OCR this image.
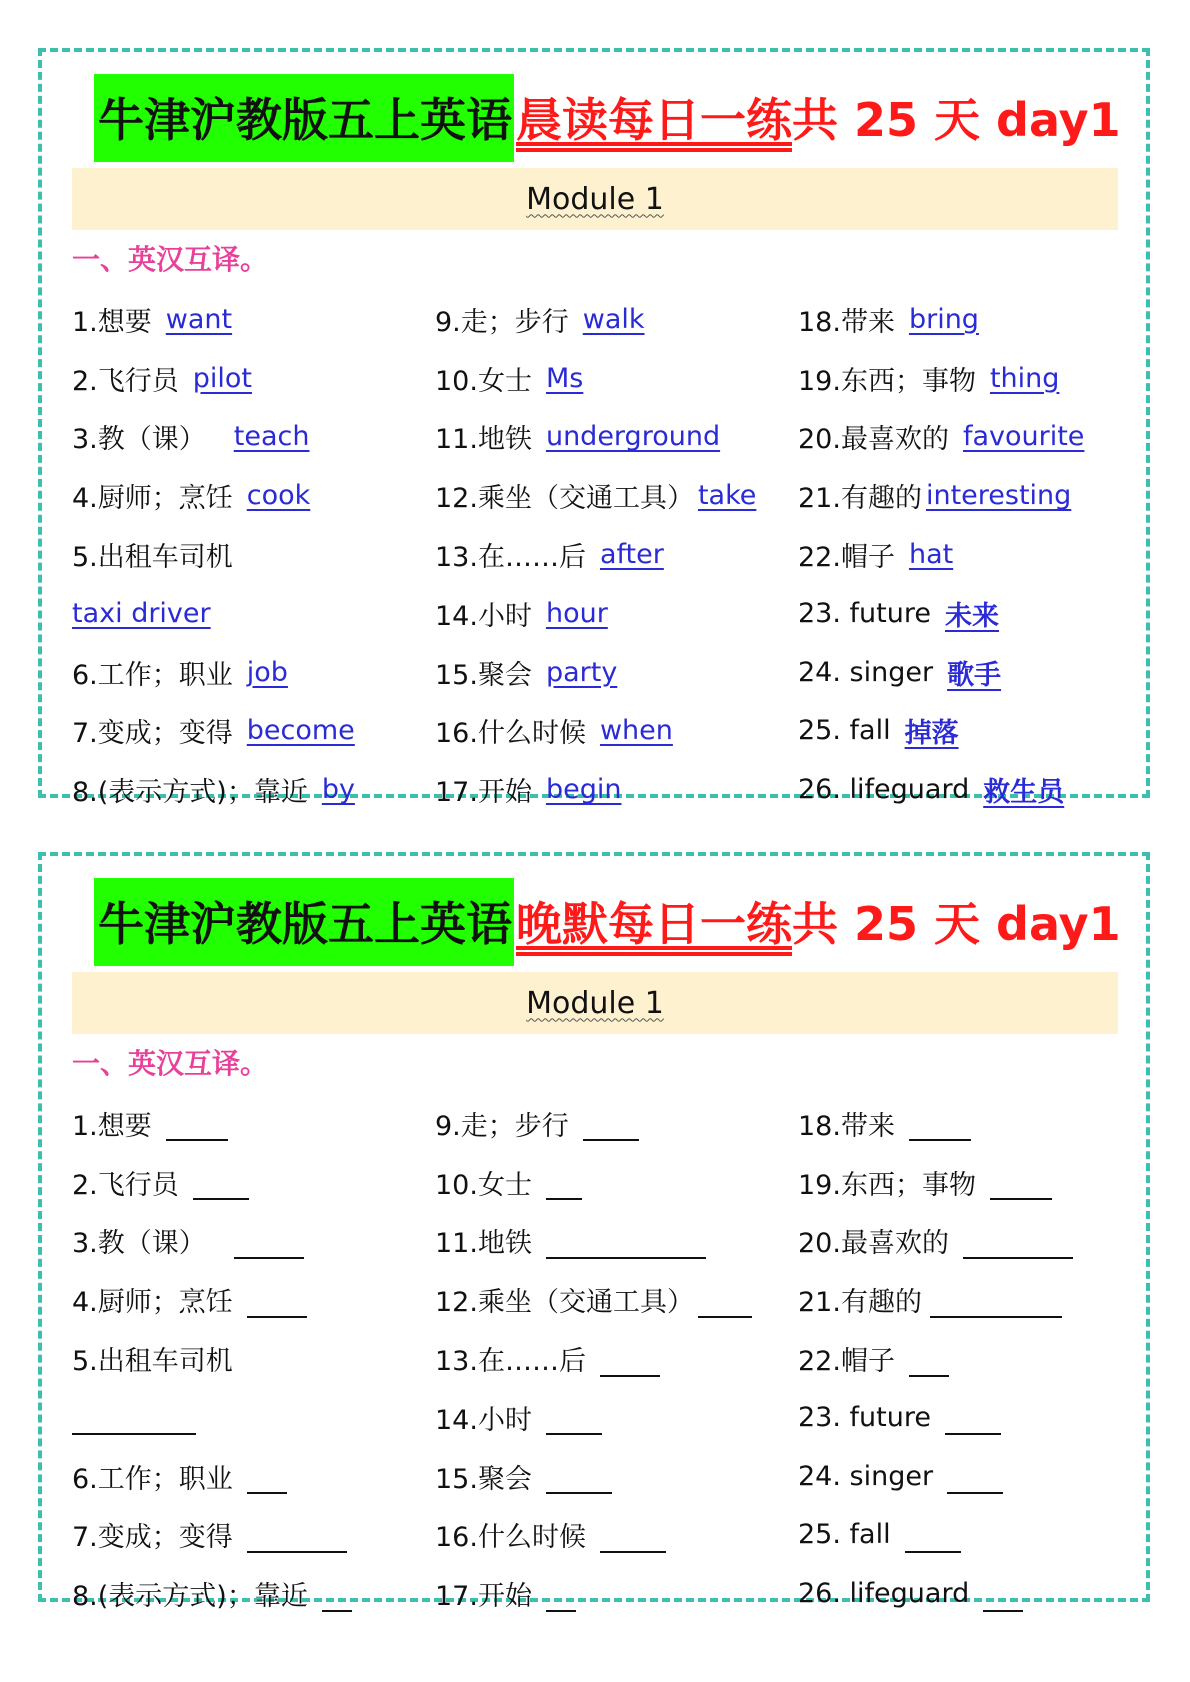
牛津沪教版五上英语 晨读每日一练共 25 天 day1
Module 1
一、英汉互译。
1.想要 want
2.飞行员 pilot
3.教（课） teach
4.厨师；烹饪 cook
5.出租车司机
taxi driver
6.工作；职业 job
7.变成；变得 become
8.(表示方式)；靠近 by
9.走；步行 walk
10.女士 Ms
11.地铁 underground
12.乘坐（交通工具） take
13.在……后 after
14.小时 hour
15.聚会 party
16.什么时候 when
17.开始 begin
18.带来 bring
19.东西；事物 thing
20.最喜欢的 favourite
21.有趣的 interesting
22.帽子 hat
23. future 未来
24. singer 歌手
25. fall 掉落
26. lifeguard 救生员
牛津沪教版五上英语 晚默每日一练共 25 天 day1
Module 1
一、英汉互译。
1.想要
2.飞行员
3.教（课）
4.厨师；烹饪
5.出租车司机
6.工作；职业
7.变成；变得
8.(表示方式)；靠近
9.走；步行
10.女士
11.地铁
12.乘坐（交通工具）
13.在……后
14.小时
15.聚会
16.什么时候
17.开始
18.带来
19.东西；事物
20.最喜欢的
21.有趣的
22.帽子
23. future
24. singer
25. fall
26. lifeguard
